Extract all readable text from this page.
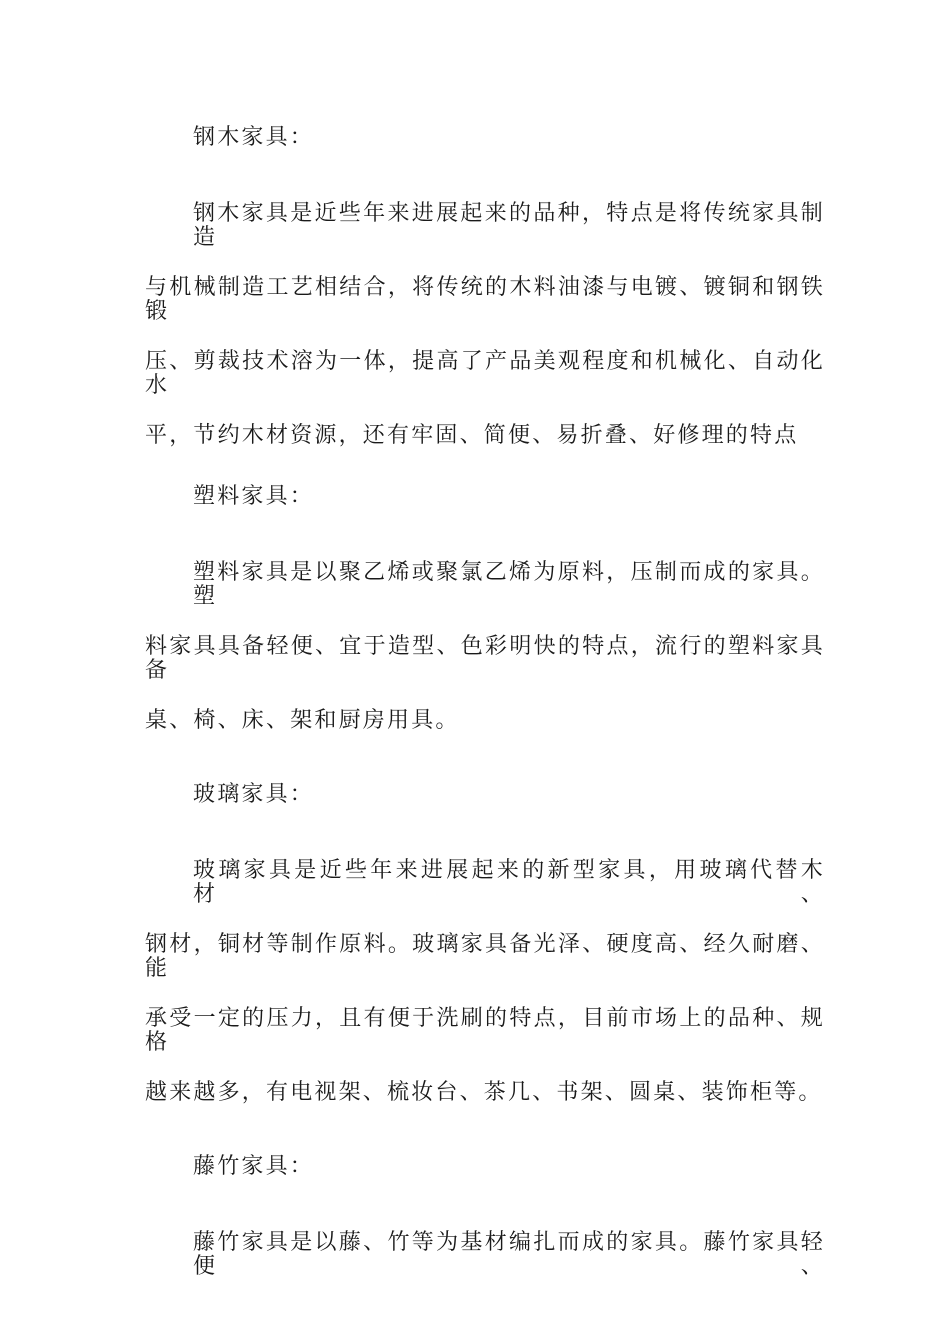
钢木家具：
钢木家具是近些年来进展起来的品种，特点是将传统家具制造
与机械制造工艺相结合，将传统的木料油漆与电镀、镀铜和钢铁锻
压、剪裁技术溶为一体，提高了产品美观程度和机械化、自动化水
平，节约木材资源，还有牢固、简便、易折叠、好修理的特点
塑料家具：
塑料家具是以聚乙烯或聚氯乙烯为原料，压制而成的家具。塑
料家具具备轻便、宜于造型、色彩明快的特点，流行的塑料家具备
桌、椅、床、架和厨房用具。
玻璃家具：
玻璃家具是近些年来进展起来的新型家具，用玻璃代替木材、
钢材，铜材等制作原料。玻璃家具备光泽、硬度高、经久耐磨、能
承受一定的压力，且有便于洗刷的特点，目前市场上的品种、规格
越来越多，有电视架、梳妆台、茶几、书架、圆桌、装饰柜等。
藤竹家具：
藤竹家具是以藤、竹等为基材编扎而成的家具。藤竹家具轻便、
